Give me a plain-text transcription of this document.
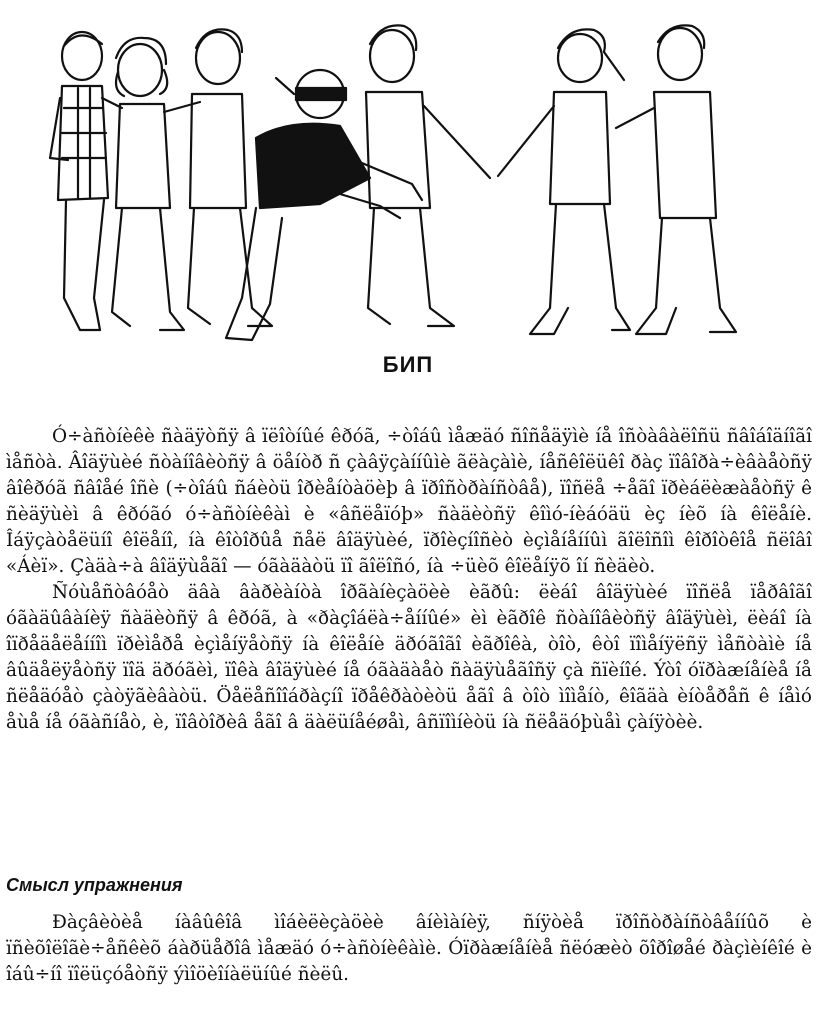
БИП

Ó÷àñòíèêè ñàäÿòñÿ â ïëîòíûé êðóã, ÷òîáû ìåæäó ñîñåäÿìè íå îñòàâàëîñü ñâîáîäíîãî ìåñòà. Âîäÿùèé ñòàíîâèòñÿ â öåíòð ñ çàâÿçàííûìè ãëàçàìè, íåñêîëüêî ðàç ïîâîðà÷èâàåòñÿ âîêðóã ñâîåé îñè (÷òîáû ñáèòü îðèåíòàöèþ â ïðîñòðàíñòâå), ïîñëå ÷åãî ïðèáëèæàåòñÿ ê ñèäÿùèì â êðóãó ó÷àñòíèêàì è «âñëåïóþ» ñàäèòñÿ êîìó-íèáóäü èç íèõ íà êîëåíè. Îáÿçàòåëüíî êîëåíî, íà êîòîðûå ñåë âîäÿùèé, ïðîèçíîñèò èçìåíåííûì ãîëîñîì êîðîòêîå ñëîâî «Áèï». Çàäà÷à âîäÿùåãî — óãàäàòü ïî ãîëîñó, íà ÷üèõ êîëåíÿõ îí ñèäèò.

Ñóùåñòâóåò äâà âàðèàíòà îðãàíèçàöèè èãðû: ëèáî âîäÿùèé ïîñëå ïåðâîãî óãàäûâàíèÿ ñàäèòñÿ â êðóã, à «ðàçîáëà÷åííûé» èì èãðîê ñòàíîâèòñÿ âîäÿùèì, ëèáî íà îïðåäåëåííîì ïðèìåðå èçìåíÿåòñÿ íà êîëåíè äðóãîãî èãðîêà, òîò, êòî ïîìåíÿëñÿ ìåñòàìè íå âûäåëÿåòñÿ ïîä äðóãèì, ïîêà âîäÿùèé íå óãàäàåò ñàäÿùåãîñÿ çà ñïèíîé. Ýòî óïðàæíåíèå íå ñëåäóåò çàòÿãèâàòü. Öåëåñîîáðàçíî ïðåêðàòèòü åãî â òîò ìîìåíò, êîãäà èíòåðåñ ê íåìó åùå íå óãàñíåò, è, ïîâòîðèâ åãî â äàëüíåéøåì, âñïîìíèòü íà ñëåäóþùåì çàíÿòèè.

Смысл упражнения

Ðàçâèòèå íàâûêîâ ìîáèëèçàöèè âíèìàíèÿ, ñíÿòèå ïðîñòðàíñòâåííûõ è ïñèõîëîãè÷åñêèõ áàðüåðîâ ìåæäó ó÷àñòíèêàìè. Óïðàæíåíèå ñëóæèò õîðîøåé ðàçìèíêîé è îáû÷íî ïîëüçóåòñÿ ýìîöèîíàëüíûé ñèëû.
